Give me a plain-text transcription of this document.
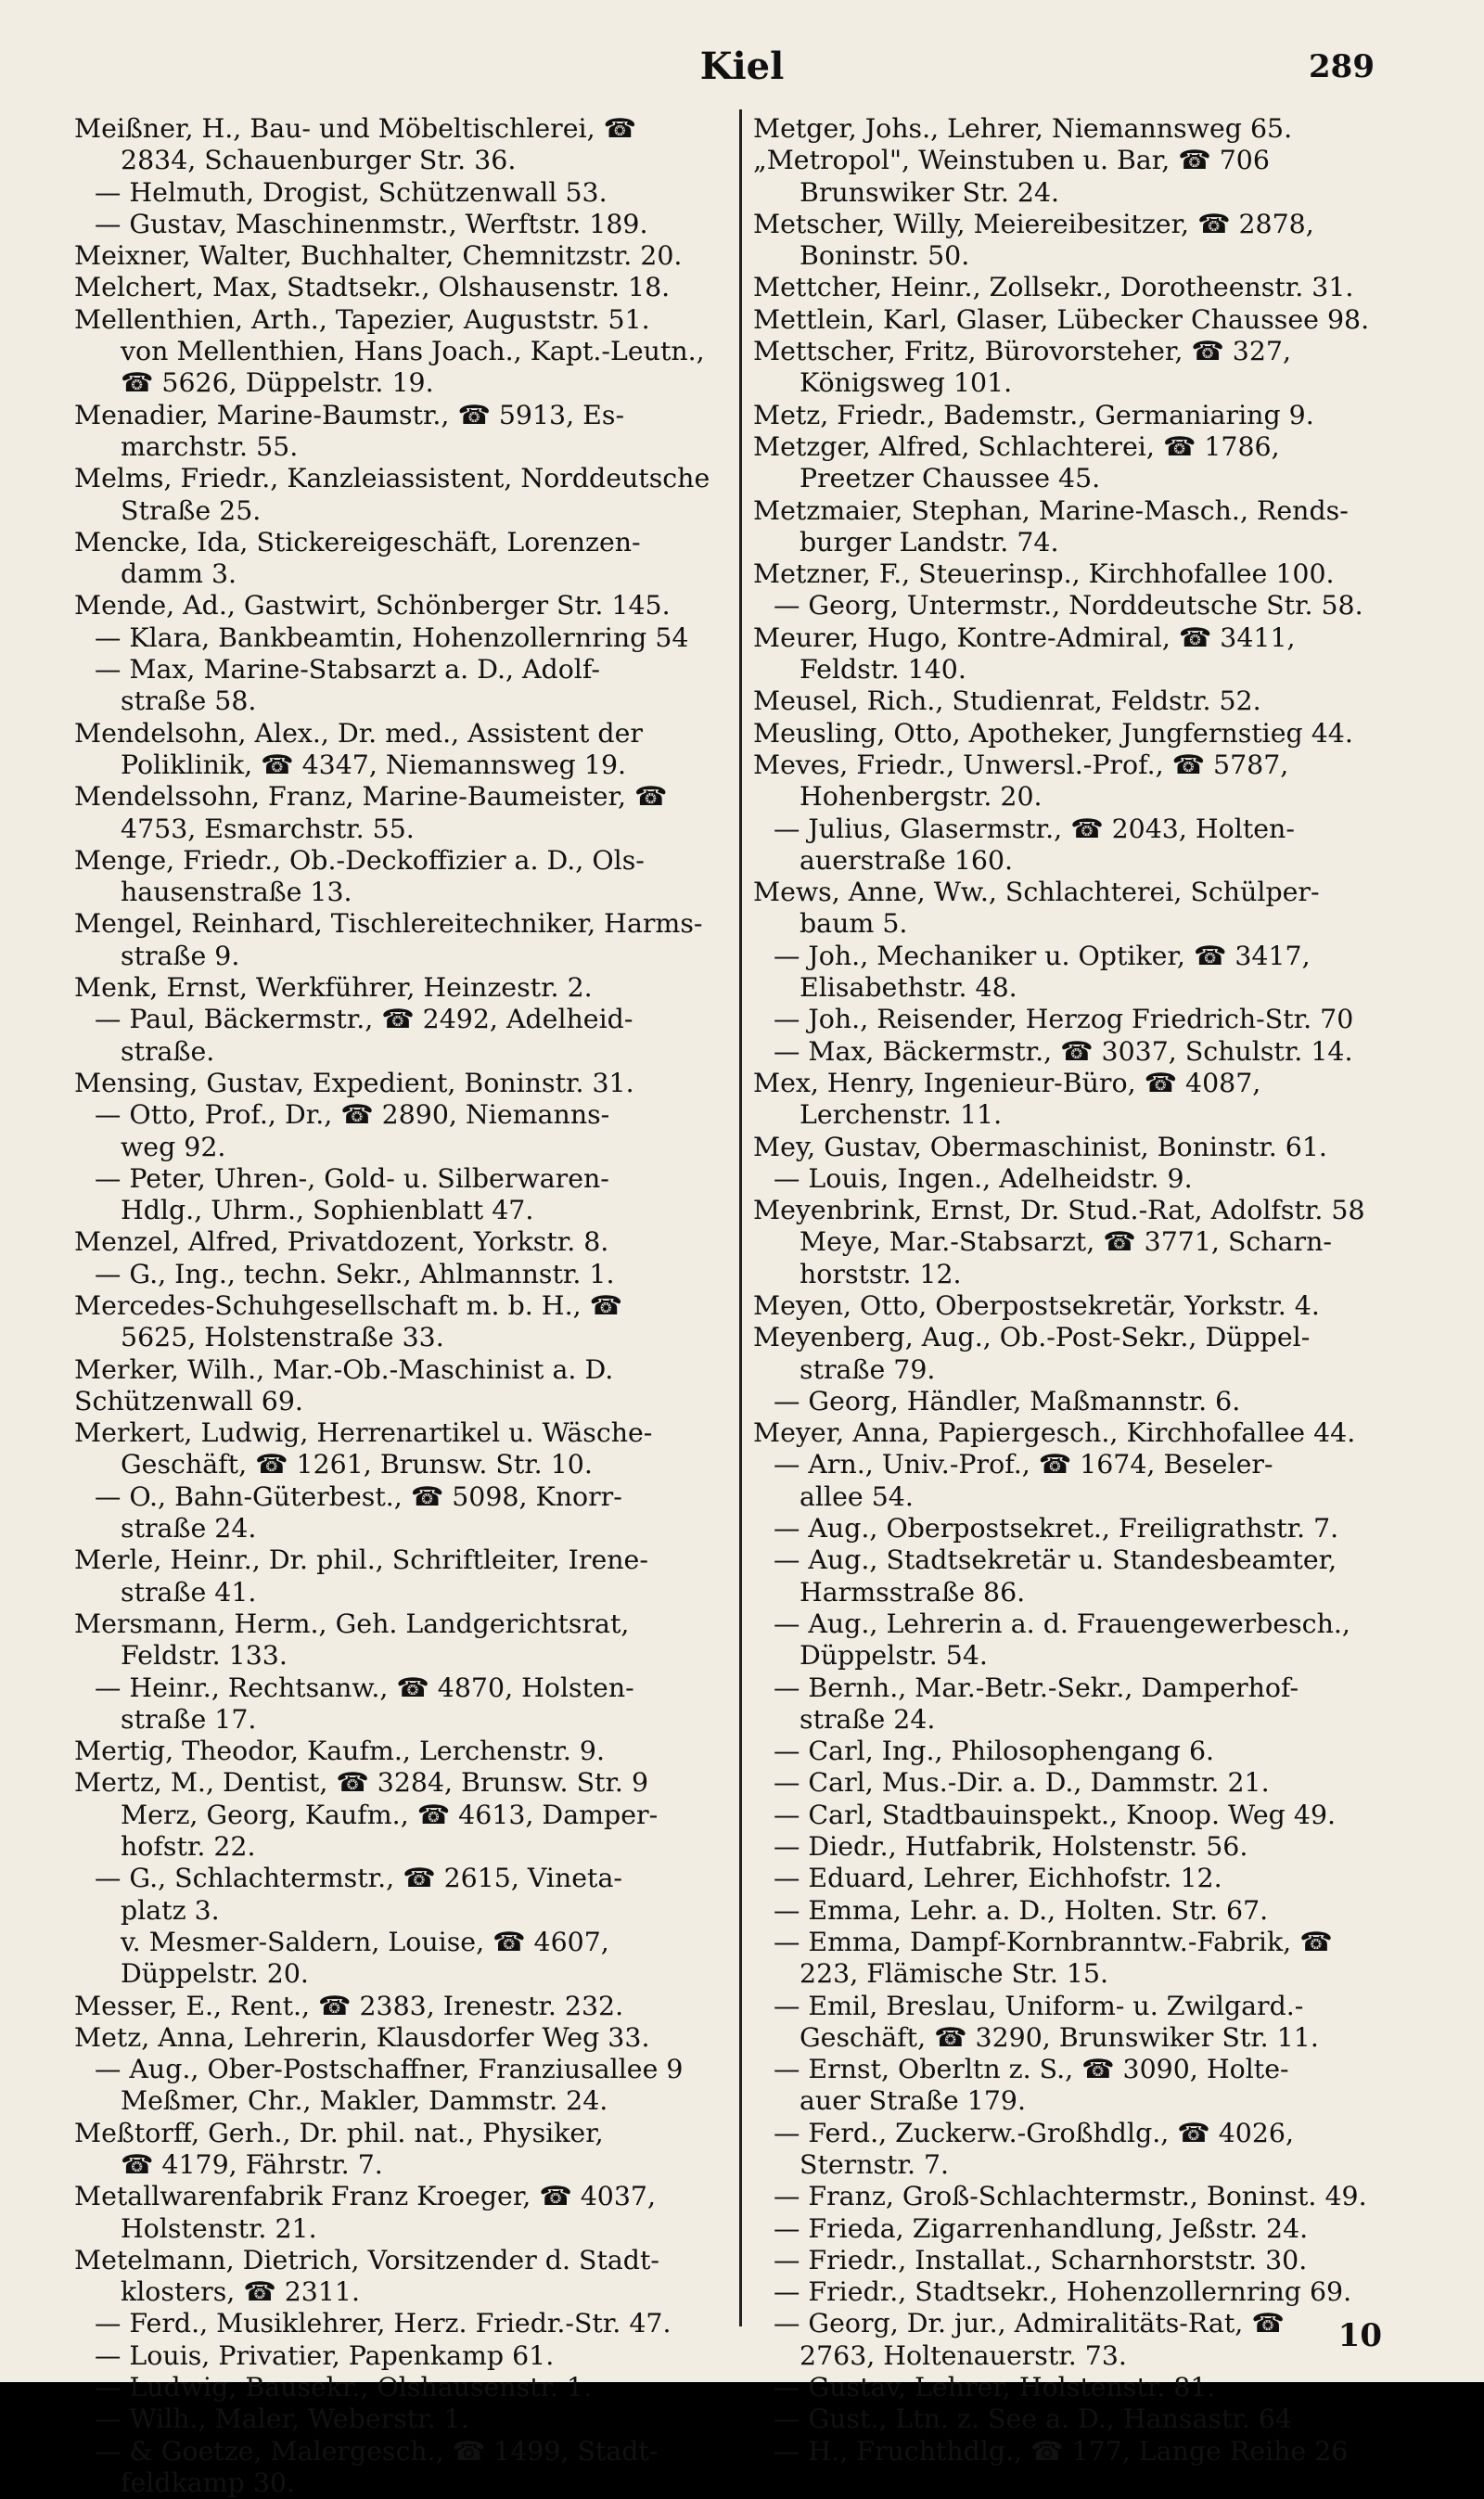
Kiel	289
Meißner, H., Bau- und Möbeltischlerei, ☎
2834, Schauenburger Str. 36.
— Helmuth, Drogist, Schützenwall 53.
— Gustav, Maschinenmstr., Werftstr. 189.
Meixner, Walter, Buchhalter, Chemnitzstr. 20.
Melchert, Max, Stadtsekr., Olshausenstr. 18.
Mellenthien, Arth., Tapezier, Auguststr. 51.
von Mellenthien, Hans Joach., Kapt.-Leutn.,
☎ 5626, Düppelstr. 19.
Menadier, Marine-Baumstr., ☎ 5913, Es-
marchstr. 55.
Melms, Friedr., Kanzleiassistent, Norddeutsche
Straße 25.
Mencke, Ida, Stickereigeschäft, Lorenzen-
damm 3.
Mende, Ad., Gastwirt, Schönberger Str. 145.
— Klara, Bankbeamtin, Hohenzollernring 54
— Max, Marine-Stabsarzt a. D., Adolf-
straße 58.
Mendelsohn, Alex., Dr. med., Assistent der
Poliklinik, ☎ 4347, Niemannsweg 19.
Mendelssohn, Franz, Marine-Baumeister, ☎
4753, Esmarchstr. 55.
Menge, Friedr., Ob.-Deckoffizier a. D., Ols-
hausenstraße 13.
Mengel, Reinhard, Tischlereitechniker, Harms-
straße 9.
Menk, Ernst, Werkführer, Heinzestr. 2.
— Paul, Bäckermstr., ☎ 2492, Adelheid-
straße.
Mensing, Gustav, Expedient, Boninstr. 31.
— Otto, Prof., Dr., ☎ 2890, Niemanns-
weg 92.
— Peter, Uhren-, Gold- u. Silberwaren-
Hdlg., Uhrm., Sophienblatt 47.
Menzel, Alfred, Privatdozent, Yorkstr. 8.
— G., Ing., techn. Sekr., Ahlmannstr. 1.
Mercedes-Schuhgesellschaft m. b. H., ☎
5625, Holstenstraße 33.
Merker, Wilh., Mar.-Ob.-Maschinist a. D.
Schützenwall 69.
Merkert, Ludwig, Herrenartikel u. Wäsche-
Geschäft, ☎ 1261, Brunsw. Str. 10.
— O., Bahn-Güterbest., ☎ 5098, Knorr-
straße 24.
Merle, Heinr., Dr. phil., Schriftleiter, Irene-
straße 41.
Mersmann, Herm., Geh. Landgerichtsrat,
Feldstr. 133.
— Heinr., Rechtsanw., ☎ 4870, Holsten-
straße 17.
Mertig, Theodor, Kaufm., Lerchenstr. 9.
Mertz, M., Dentist, ☎ 3284, Brunsw. Str. 9
Merz, Georg, Kaufm., ☎ 4613, Damper-
hofstr. 22.
— G., Schlachtermstr., ☎ 2615, Vineta-
platz 3.
v. Mesmer-Saldern, Louise, ☎ 4607,
Düppelstr. 20.
Messer, E., Rent., ☎ 2383, Irenestr. 232.
Metz, Anna, Lehrerin, Klausdorfer Weg 33.
— Aug., Ober-Postschaffner, Franziusallee 9
Meßmer, Chr., Makler, Dammstr. 24.
Meßtorff, Gerh., Dr. phil. nat., Physiker,
☎ 4179, Fährstr. 7.
Metallwarenfabrik Franz Kroeger, ☎ 4037,
Holstenstr. 21.
Metelmann, Dietrich, Vorsitzender d. Stadt-
klosters, ☎ 2311.
— Ferd., Musiklehrer, Herz. Friedr.-Str. 47.
— Louis, Privatier, Papenkamp 61.
— Ludwig, Bausekr., Olshausenstr. 1.
— Wilh., Maler, Weberstr. 1.
— & Goetze, Malergesch., ☎ 1499, Stadt-
feldkamp 30.
Metger, Johs., Lehrer, Niemannsweg 65.
„Metropol", Weinstuben u. Bar, ☎ 706
Brunswiker Str. 24.
Metscher, Willy, Meiereibesitzer, ☎ 2878,
Boninstr. 50.
Mettcher, Heinr., Zollsekr., Dorotheenstr. 31.
Mettlein, Karl, Glaser, Lübecker Chaussee 98.
Mettscher, Fritz, Bürovorsteher, ☎ 327,
Königsweg 101.
Metz, Friedr., Bademstr., Germaniaring 9.
Metzger, Alfred, Schlachterei, ☎ 1786,
Preetzer Chaussee 45.
Metzmaier, Stephan, Marine-Masch., Rends-
burger Landstr. 74.
Metzner, F., Steuerinsp., Kirchhofallee 100.
— Georg, Untermstr., Norddeutsche Str. 58.
Meurer, Hugo, Kontre-Admiral, ☎ 3411,
Feldstr. 140.
Meusel, Rich., Studienrat, Feldstr. 52.
Meusling, Otto, Apotheker, Jungfernstieg 44.
Meves, Friedr., Unwersl.-Prof., ☎ 5787,
Hohenbergstr. 20.
— Julius, Glasermstr., ☎ 2043, Holten-
auerstraße 160.
Mews, Anne, Ww., Schlachterei, Schülper-
baum 5.
— Joh., Mechaniker u. Optiker, ☎ 3417,
Elisabethstr. 48.
— Joh., Reisender, Herzog Friedrich-Str. 70
— Max, Bäckermstr., ☎ 3037, Schulstr. 14.
Mex, Henry, Ingenieur-Büro, ☎ 4087,
Lerchenstr. 11.
Mey, Gustav, Obermaschinist, Boninstr. 61.
— Louis, Ingen., Adelheidstr. 9.
Meyenbrink, Ernst, Dr. Stud.-Rat, Adolfstr. 58
Meye, Mar.-Stabsarzt, ☎ 3771, Scharn-
horststr. 12.
Meyen, Otto, Oberpostsekretär, Yorkstr. 4.
Meyenberg, Aug., Ob.-Post-Sekr., Düppel-
straße 79.
— Georg, Händler, Maßmannstr. 6.
Meyer, Anna, Papiergesch., Kirchhofallee 44.
— Arn., Univ.-Prof., ☎ 1674, Beseler-
allee 54.
— Aug., Oberpostsekret., Freiligrathstr. 7.
— Aug., Stadtsekretär u. Standesbeamter,
Harmsstraße 86.
— Aug., Lehrerin a. d. Frauengewerbesch.,
Düppelstr. 54.
— Bernh., Mar.-Betr.-Sekr., Damperhof-
straße 24.
— Carl, Ing., Philosophengang 6.
— Carl, Mus.-Dir. a. D., Dammstr. 21.
— Carl, Stadtbauinspekt., Knoop. Weg 49.
— Diedr., Hutfabrik, Holstenstr. 56.
— Eduard, Lehrer, Eichhofstr. 12.
— Emma, Lehr. a. D., Holten. Str. 67.
— Emma, Dampf-Kornbranntw.-Fabrik, ☎
223, Flämische Str. 15.
— Emil, Breslau, Uniform- u. Zwilgard.-
Geschäft, ☎ 3290, Brunswiker Str. 11.
— Ernst, Oberltn z. S., ☎ 3090, Holte-
auer Straße 179.
— Ferd., Zuckerw.-Großhdlg., ☎ 4026,
Sternstr. 7.
— Franz, Groß-Schlachtermstr., Boninst. 49.
— Frieda, Zigarrenhandlung, Jeßstr. 24.
— Friedr., Installat., Scharnhorststr. 30.
— Friedr., Stadtsekr., Hohenzollernring 69.
— Georg, Dr. jur., Admiralitäts-Rat, ☎
2763, Holtenauerstr. 73.
— Gustav, Lehrer, Holstenstr. 81.
— Gust., Ltn. z. See a. D., Hansastr. 64
— H., Fruchthdlg., ☎ 177, Lange Reihe 26
10
